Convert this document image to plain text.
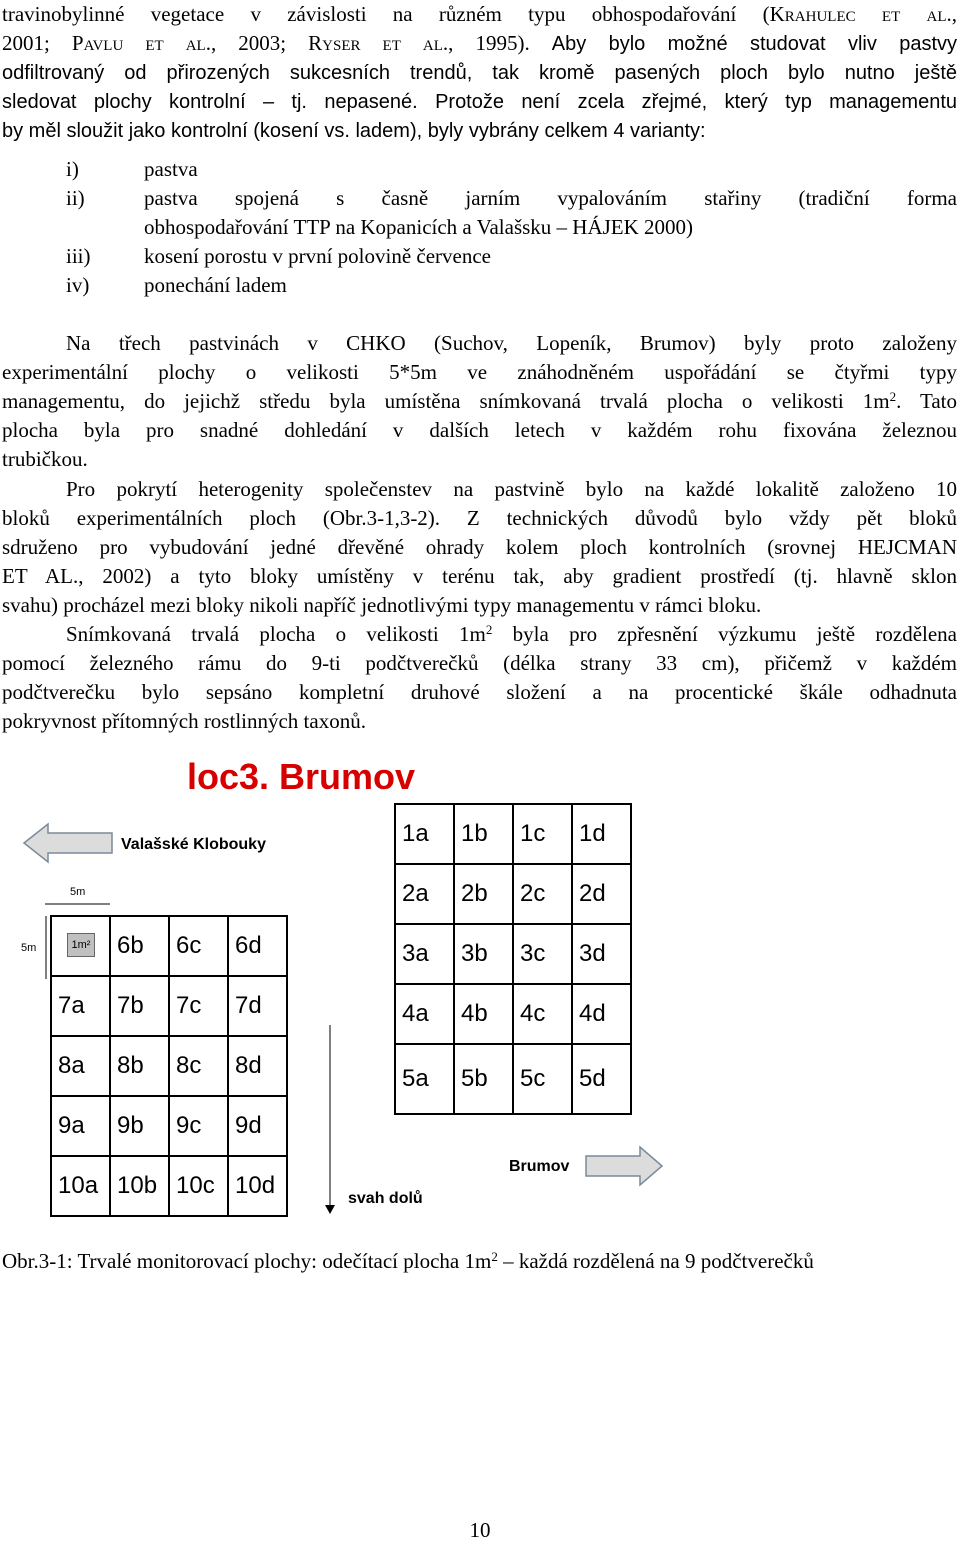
travinobylinné vegetace v závislosti na různém typu obhospodařování (Krahulec et al.,
2001; Pavlu et al., 2003; Ryser et al., 1995). Aby bylo možné studovat vliv pastvy
odfiltrovaný od přirozených sukcesních trendů, tak kromě pasených ploch bylo nutno ještě
sledovat plochy kontrolní – tj. nepasené. Protože není zcela zřejmé, který typ managementu
by měl sloužit jako kontrolní (kosení vs. ladem), byly vybrány celkem 4 varianty:
i)	pastva
ii)	pastva spojená s časně jarním vypalováním stařiny (tradiční forma
obhospodařování TTP na Kopanicích a Valašsku – HÁJEK 2000)
iii)	kosení porostu v první polovině července
iv)	ponechání ladem
Na třech pastvinách v CHKO (Suchov, Lopeník, Brumov) byly proto založeny
experimentální plochy o velikosti 5*5m ve znáhodněném uspořádání se čtyřmi typy
managementu, do jejichž středu byla umístěna snímkovaná trvalá plocha o velikosti $1m^2$. Tato
plocha byla pro snadné dohledání v dalších letech v každém rohu fixována železnou
trubičkou.
Pro pokrytí heterogenity společenstev na pastvině bylo na každé lokalitě založeno 10
bloků experimentálních ploch (Obr.3-1,3-2). Z technických důvodů bylo vždy pět bloků
sdruženo pro vybudování jedné dřevěné ohrady kolem ploch kontrolních (srovnej HEJCMAN
ET AL., 2002) a tyto bloky umístěny v terénu tak, aby gradient prostředí (tj. hlavně sklon
svahu) procházel mezi bloky nikoli napříč jednotlivými typy managementu v rámci bloku.
Snímkovaná trvalá plocha o velikosti $1m^2$ byla pro zpřesnění výzkumu ještě rozdělena
pomocí železného rámu do 9-ti podčtverečků (délka strany 33 cm), přičemž v každém
podčtverečku bylo sepsáno kompletní druhové složení a na procentické škále odhadnuta
pokryvnost přítomných rostlinných taxonů.
loc3. Brumov
Valašské Klobouky
Brumov
svah dolů
5m
5m
1a	1b	1c	1d
2a	2b	2c	2d
3a	3b	3c	3d
4a	4b	4c	4d
5a	5b	5c	5d
	6b	6c	6d
7a	7b	7c	7d
8a	8b	8c	8d
9a	9b	9c	9d
10a	10b	10c	10d
1m²
Obr.3-1: Trvalé monitorovací plochy: odečítací plocha $1m^2$ – každá rozdělená na 9 podčtverečků
10
